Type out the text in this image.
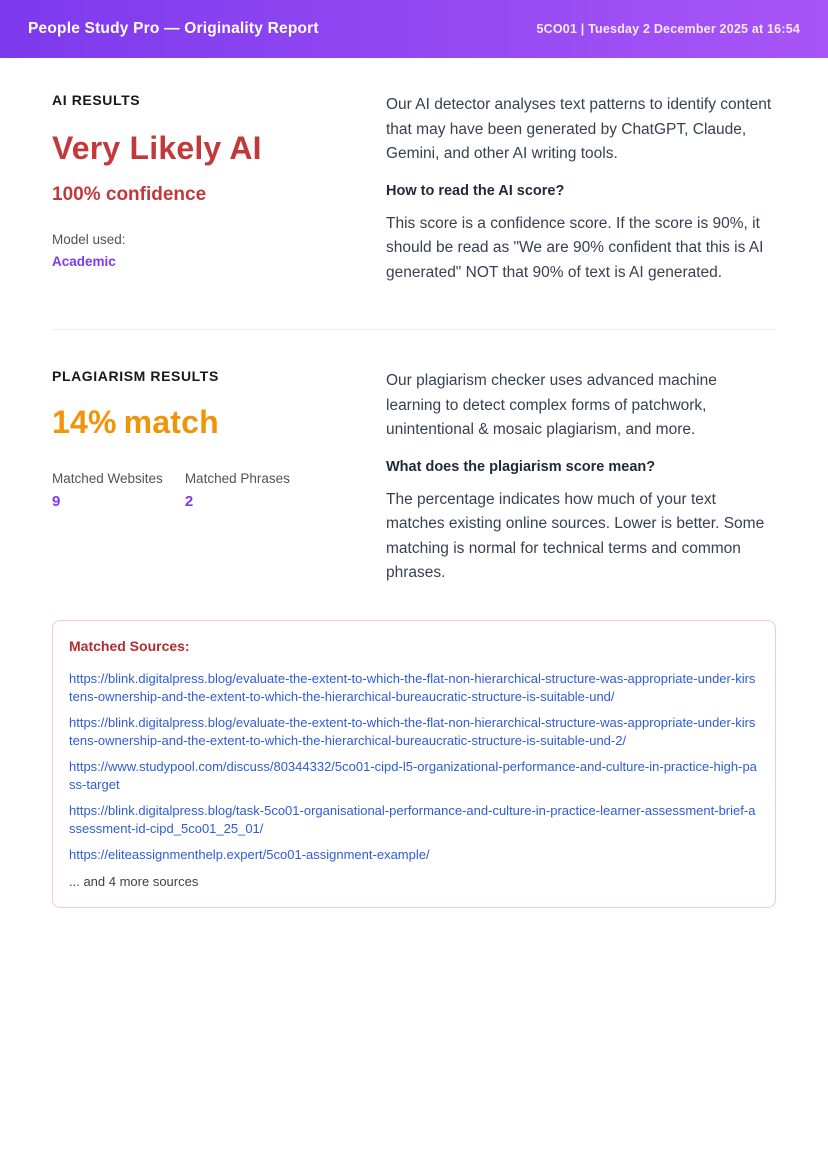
People Study Pro — Originality Report	5CO01 | Tuesday 2 December 2025 at 16:54
AI RESULTS
Very Likely AI
100% confidence
Model used:
Academic

Our AI detector analyses text patterns to identify content that may have been generated by ChatGPT, Claude, Gemini, and other AI writing tools.

How to read the AI score?

This score is a confidence score. If the score is 90%, it should be read as "We are 90% confident that this is AI generated" NOT that 90% of text is AI generated.

PLAGIARISM RESULTS
14% match
Matched Websites
9
Matched Phrases
2

Our plagiarism checker uses advanced machine learning to detect complex forms of patchwork, unintentional & mosaic plagiarism, and more.

What does the plagiarism score mean?

The percentage indicates how much of your text matches existing online sources. Lower is better. Some matching is normal for technical terms and common phrases.

Matched Sources:
https://blink.digitalpress.blog/evaluate-the-extent-to-which-the-flat-non-hierarchical-structure-was-appropriate-under-kirstens-ownership-and-the-extent-to-which-the-hierarchical-bureaucratic-structure-is-suitable-und/
https://blink.digitalpress.blog/evaluate-the-extent-to-which-the-flat-non-hierarchical-structure-was-appropriate-under-kirstens-ownership-and-the-extent-to-which-the-hierarchical-bureaucratic-structure-is-suitable-und-2/
https://www.studypool.com/discuss/80344332/5co01-cipd-l5-organizational-performance-and-culture-in-practice-high-pass-target
https://blink.digitalpress.blog/task-5co01-organisational-performance-and-culture-in-practice-learner-assessment-brief-assessment-id-cipd_5co01_25_01/
https://eliteassignmenthelp.expert/5co01-assignment-example/
... and 4 more sources
